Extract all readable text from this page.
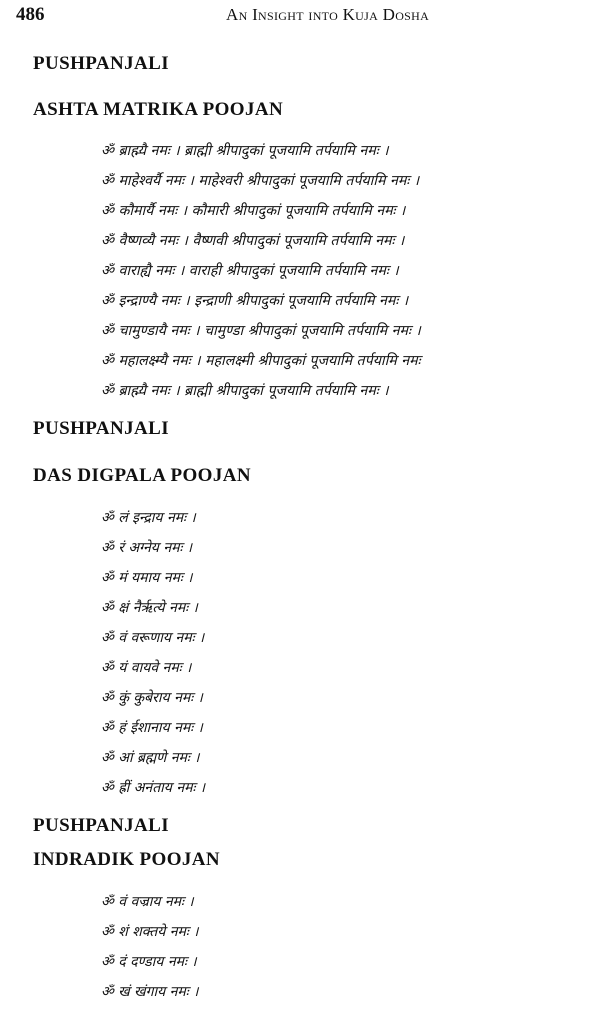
486	An Insight into Kuja Dosha
PUSHPANJALI
ASHTA MATRIKA POOJAN
ॐ ब्राह्म्यै नमः । ब्राह्मी श्रीपादुकां पूजयामि तर्पयामि नमः ।
ॐ माहेश्वर्यै नमः । माहेश्वरी श्रीपादुकां पूजयामि तर्पयामि नमः ।
ॐ कौमार्यै नमः । कौमारी श्रीपादुकां पूजयामि तर्पयामि नमः ।
ॐ वैष्णव्यै नमः । वैष्णवी श्रीपादुकां पूजयामि तर्पयामि नमः ।
ॐ वाराह्यै नमः । वाराही श्रीपादुकां पूजयामि तर्पयामि नमः ।
ॐ इन्द्राण्यै नमः । इन्द्राणी श्रीपादुकां पूजयामि तर्पयामि नमः ।
ॐ चामुण्डायै नमः । चामुण्डा श्रीपादुकां पूजयामि तर्पयामि नमः ।
ॐ महालक्ष्म्यै नमः । महालक्ष्मी श्रीपादुकां पूजयामि तर्पयामि नमः
ॐ ब्राह्म्यै नमः । ब्राह्मी श्रीपादुकां पूजयामि तर्पयामि नमः ।
PUSHPANJALI
DAS DIGPALA POOJAN
ॐ लं इन्द्राय नमः ।
ॐ रं अग्नेय नमः ।
ॐ मं यमाय नमः ।
ॐ क्षं नैर्ऋत्ये नमः ।
ॐ वं वरूणाय नमः ।
ॐ यं वायवे नमः ।
ॐ कुं कुबेराय नमः ।
ॐ हं ईशानाय नमः ।
ॐ आं ब्रह्मणे नमः ।
ॐ ह्रीं अनंताय नमः ।
PUSHPANJALI
INDRADIK POOJAN
ॐ वं वज्राय नमः ।
ॐ शं शक्तये नमः ।
ॐ दं दण्डाय नमः ।
ॐ खं खंगाय नमः ।
